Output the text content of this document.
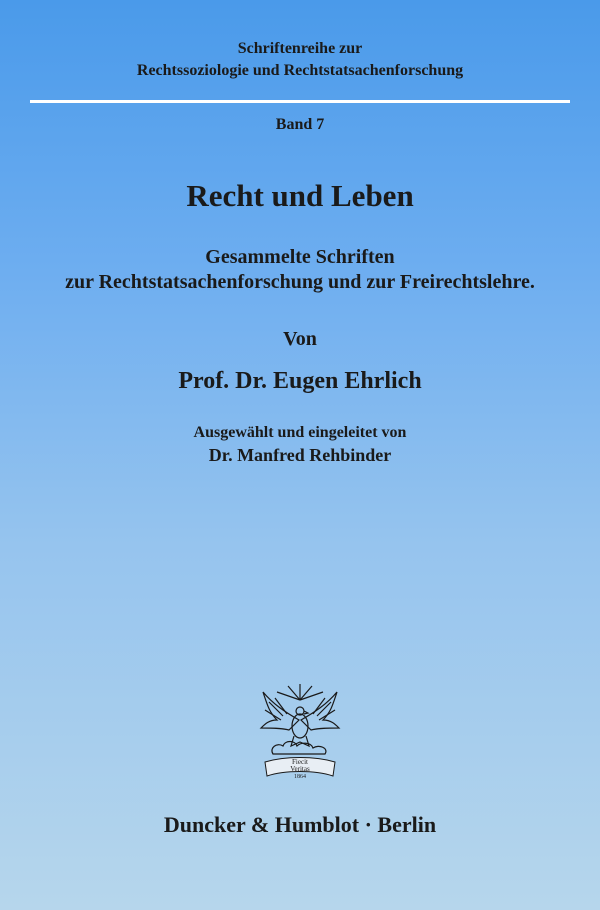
Schriftenreihe zur
Rechtssoziologie und Rechtstatsachenforschung
Band 7
Recht und Leben
Gesammelte Schriften
zur Rechtstatsachenforschung und zur Freirechtslehre.
Von
Prof. Dr. Eugen Ehrlich
Ausgewählt und eingeleitet von
Dr. Manfred Rehbinder
Fiecit
Veritas
1864
Duncker & Humblot · Berlin
